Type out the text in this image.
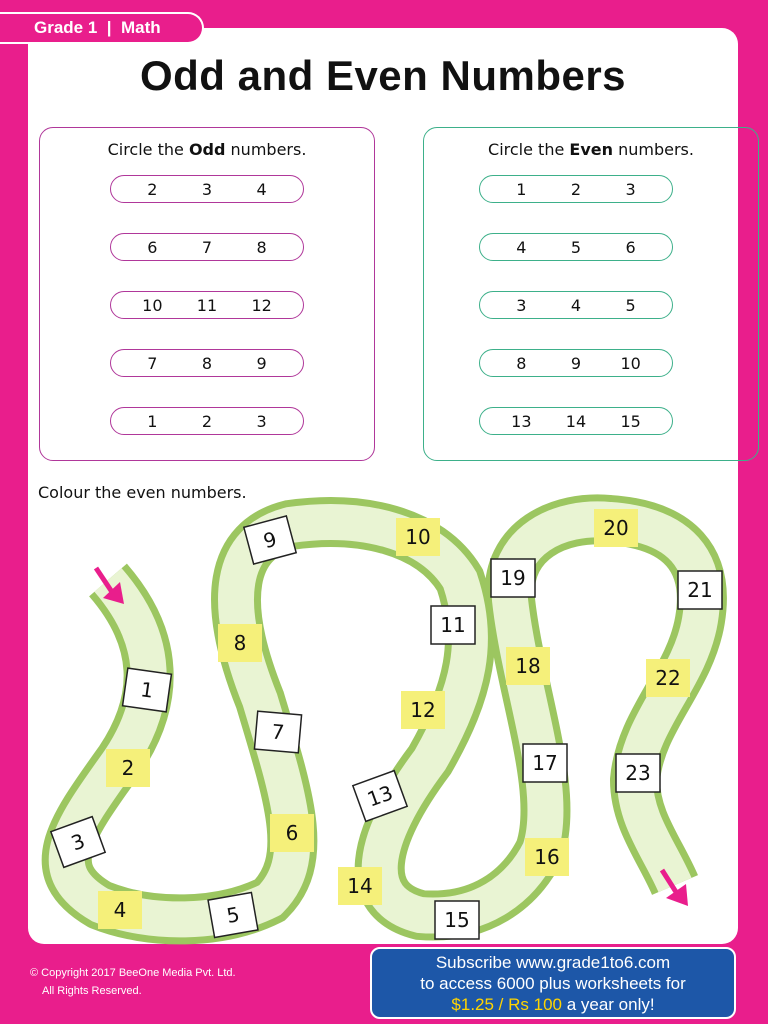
Grade 1
|
Math
Odd and Even Numbers
Circle the Odd numbers.
2	3	4
6	7	8
10	11	12
7	8	9
1	2	3
Circle the Even numbers.
1	2	3
4	5	6
3	4	5
8	9	10
13	14	15
Colour the even numbers.
1
2
3
4	5
6
7
8
9	10
11
12
13
14
15
16
17
18
19
20
21
22
23
© Copyright 2017 BeeOne Media Pvt. Ltd.
All Rights Reserved.
Subscribe www.grade1to6.com
to access 6000 plus worksheets for
$1.25 / Rs 100 a year only!
